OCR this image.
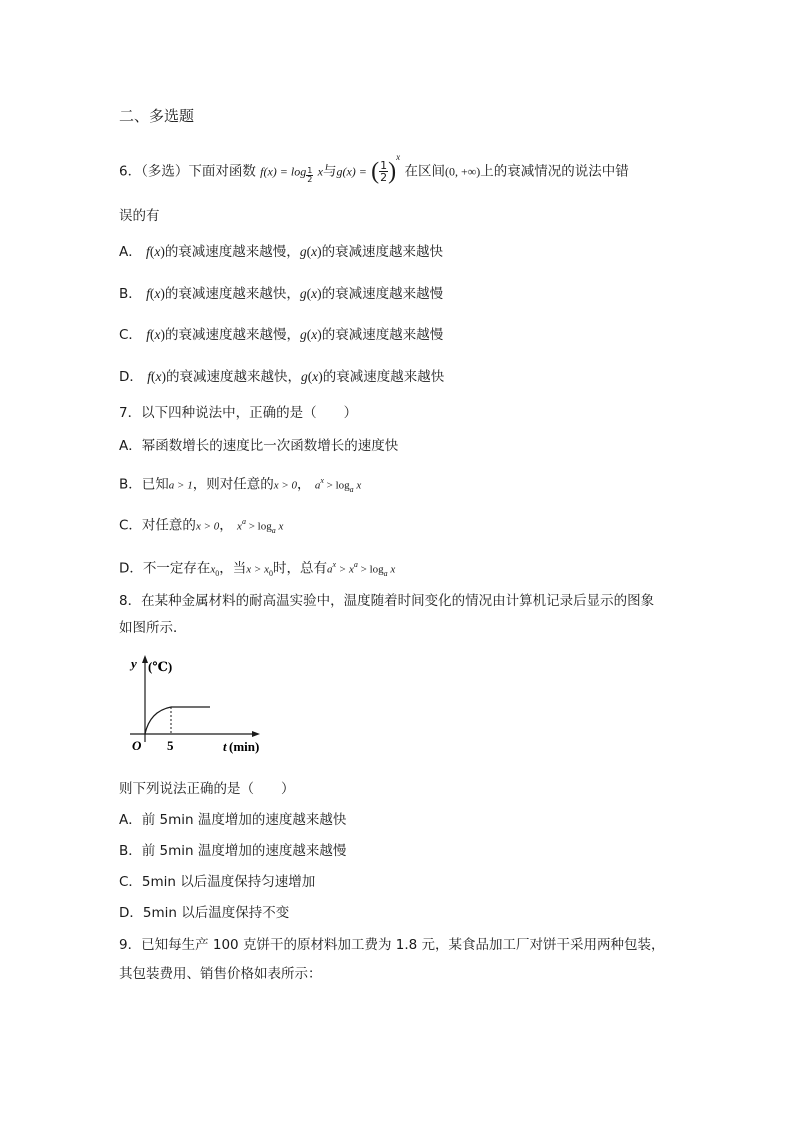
二、多选题
6．（多选）下面对函数 $f(x) = \log \frac{1}{2}$ x与g(x) = ( $\frac{1}{2} )^x$ 在区间(0, +∞)上的衰减情况的说法中错
误的有
A． f(x)的衰减速度越来越慢，g(x)的衰减速度越来越快
B． f(x)的衰减速度越来越快，g(x)的衰减速度越来越慢
C． f(x)的衰减速度越来越慢，g(x)的衰减速度越来越慢
D． f(x)的衰减速度越来越快，g(x)的衰减速度越来越快
7．以下四种说法中，正确的是（　　）
A．幂函数增长的速度比一次函数增长的速度快
B．已知a > 1，则对任意的x > 0， $a^x > \log_a x$
C．对任意的x > 0， $x^a > \log_a x$
D．不一定存在$x_0$，当$x > x_0$时，总有$a^x > x^a > \log_a x$
8．在某种金属材料的耐高温实验中，温度随着时间变化的情况由计算机记录后显示的图象
如图所示．
y (℃)
O 5	t (min)
则下列说法正确的是（　　）
A．前 5min 温度增加的速度越来越快
B．前 5min 温度增加的速度越来越慢
C．5min 以后温度保持匀速增加
D．5min 以后温度保持不变
9．已知每生产 100 克饼干的原材料加工费为 1.8 元，某食品加工厂对饼干采用两种包装，
其包装费用、销售价格如表所示：
